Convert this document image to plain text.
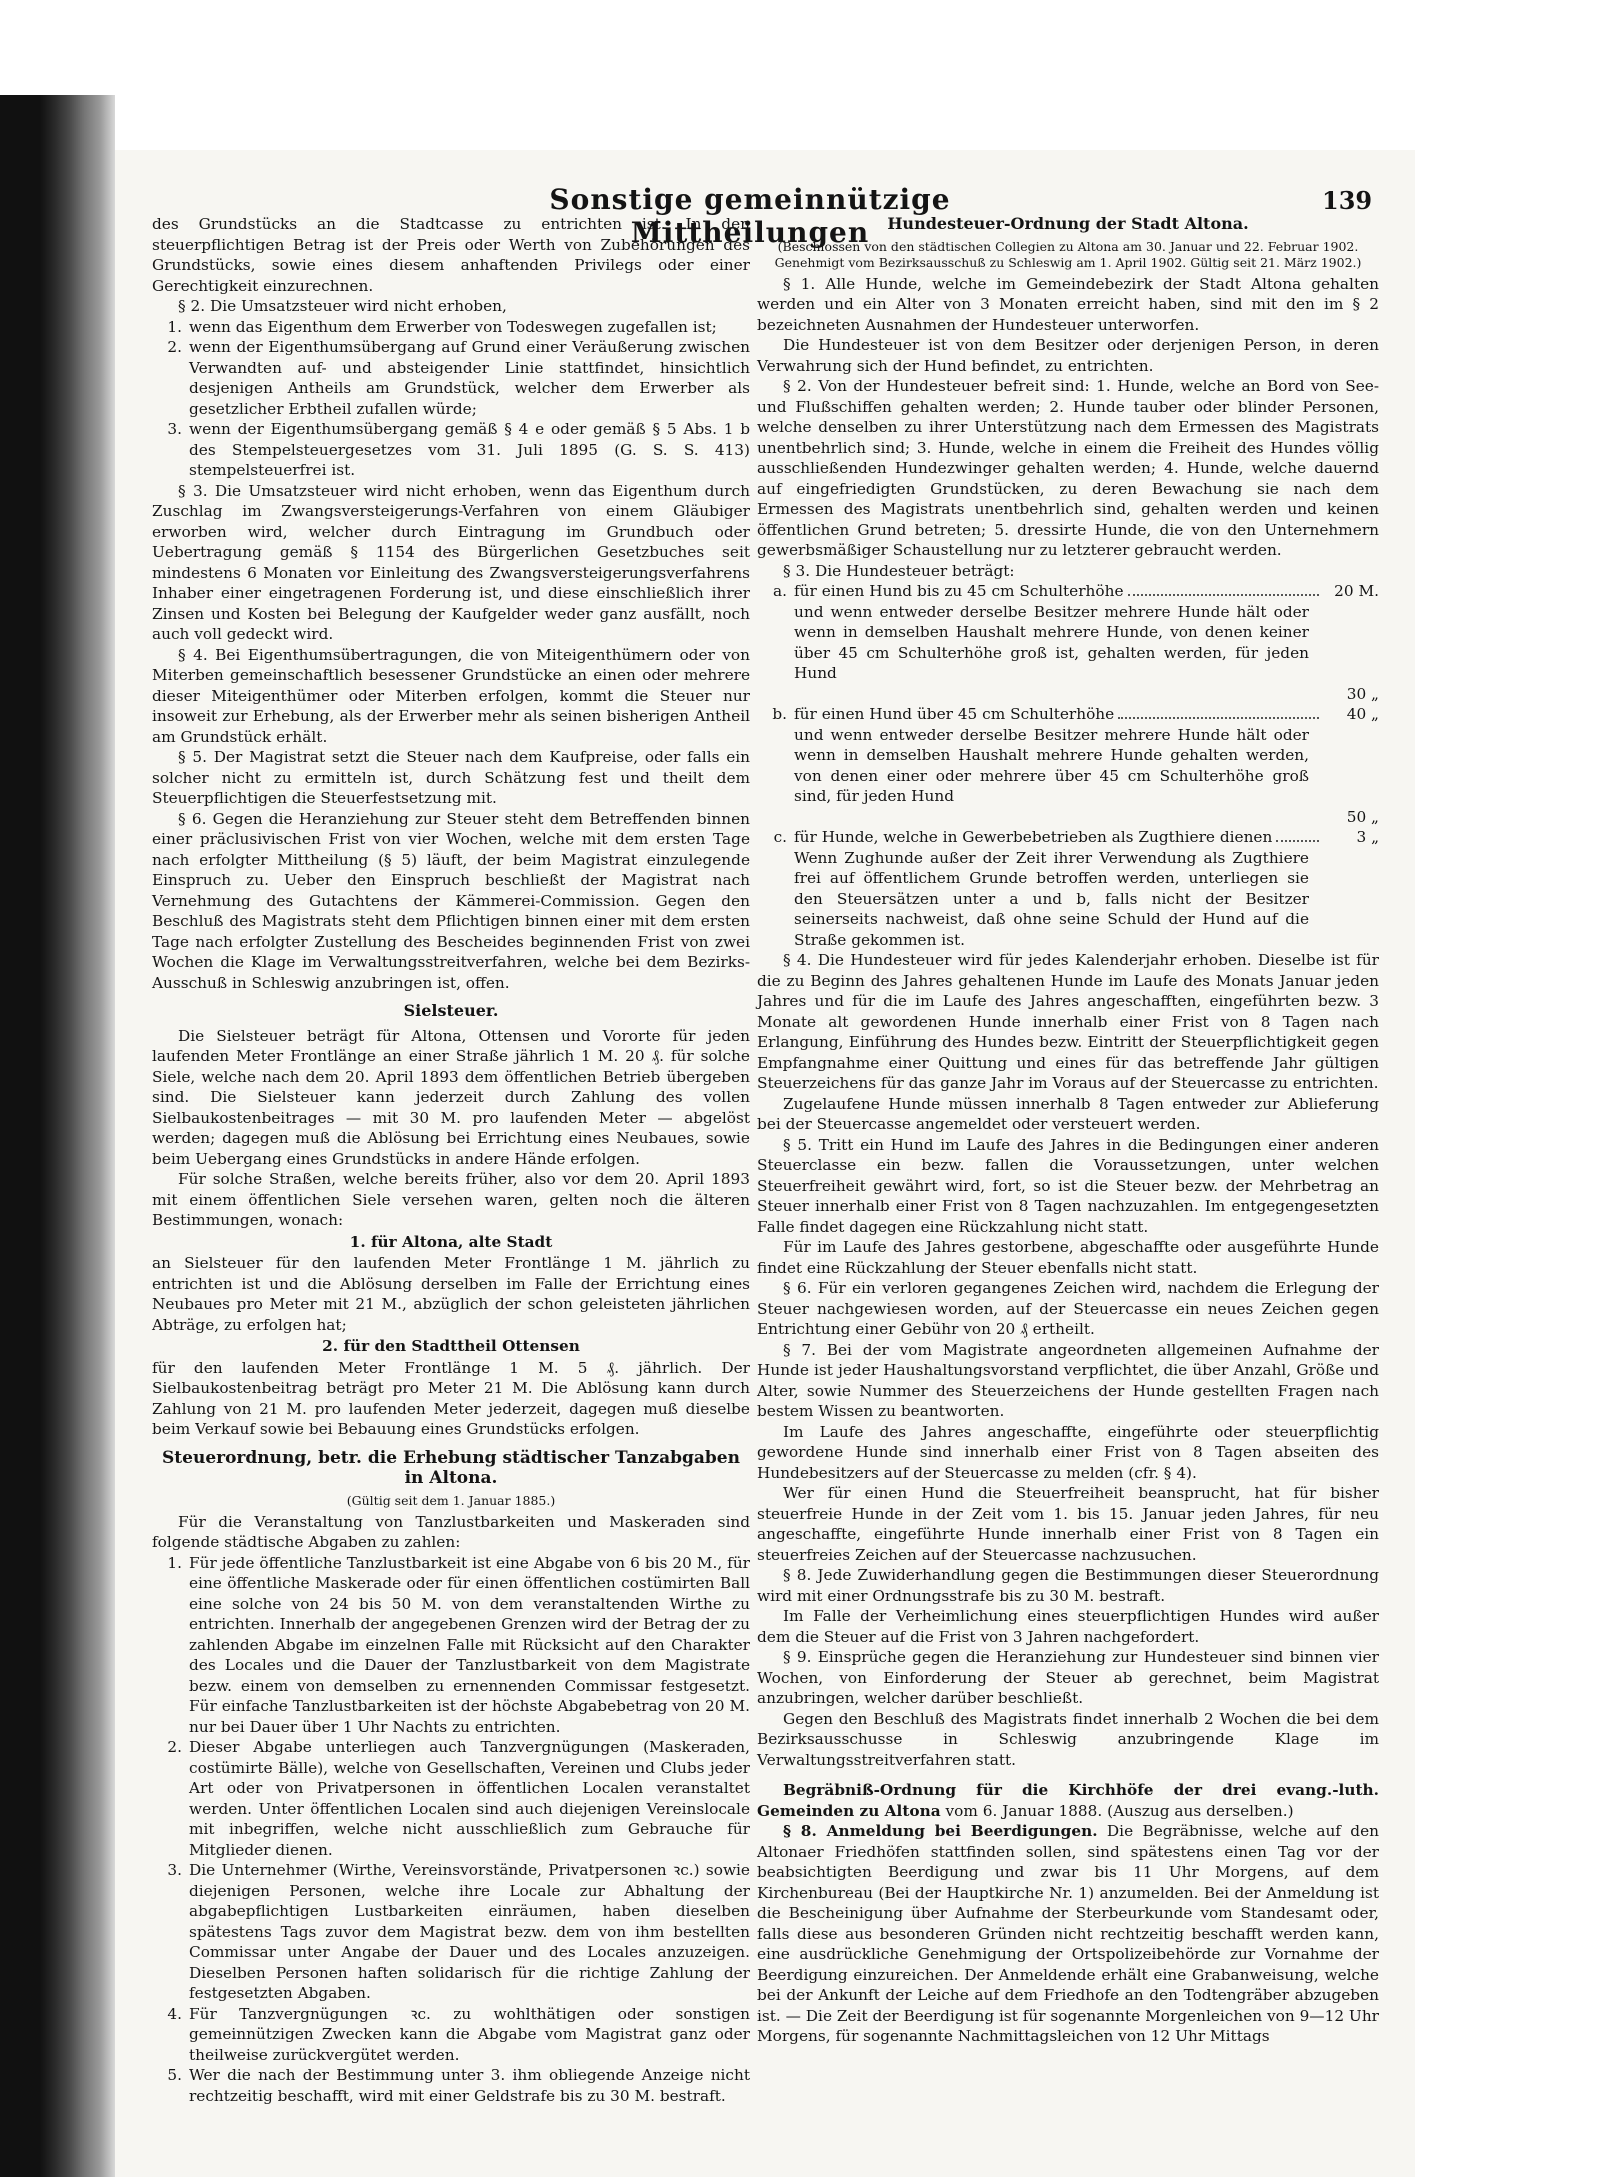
Sonstige gemeinnützige Mittheilungen
139

des Grundstücks an die Stadtcasse zu entrichten ist. In den steuerpflichtigen Betrag ist der Preis oder Werth von Zubehörungen des Grundstücks, sowie eines diesem anhaftenden Privilegs oder einer Gerechtigkeit einzurechnen.

§ 2. Die Umsatzsteuer wird nicht erhoben,

1. wenn das Eigenthum dem Erwerber von Todeswegen zugefallen ist;
2. wenn der Eigenthumsübergang auf Grund einer Veräußerung zwischen Verwandten auf- und absteigender Linie stattfindet, hinsichtlich desjenigen Antheils am Grundstück, welcher dem Erwerber als gesetzlicher Erbtheil zufallen würde;
3. wenn der Eigenthumsübergang gemäß § 4 e oder gemäß § 5 Abs. 1 b des Stempelsteuergesetzes vom 31. Juli 1895 (G. S. S. 413) stempelsteuerfrei ist.

§ 3. Die Umsatzsteuer wird nicht erhoben, wenn das Eigenthum durch Zuschlag im Zwangsversteigerungs-Verfahren von einem Gläubiger erworben wird, welcher durch Eintragung im Grundbuch oder Uebertragung gemäß § 1154 des Bürgerlichen Gesetzbuches seit mindestens 6 Monaten vor Einleitung des Zwangsversteigerungsverfahrens Inhaber einer eingetragenen Forderung ist, und diese einschließlich ihrer Zinsen und Kosten bei Belegung der Kaufgelder weder ganz ausfällt, noch auch voll gedeckt wird.

§ 4. Bei Eigenthumsübertragungen, die von Miteigenthümern oder von Miterben gemeinschaftlich besessener Grundstücke an einen oder mehrere dieser Miteigenthümer oder Miterben erfolgen, kommt die Steuer nur insoweit zur Erhebung, als der Erwerber mehr als seinen bisherigen Antheil am Grundstück erhält.

§ 5. Der Magistrat setzt die Steuer nach dem Kaufpreise, oder falls ein solcher nicht zu ermitteln ist, durch Schätzung fest und theilt dem Steuerpflichtigen die Steuerfestsetzung mit.

§ 6. Gegen die Heranziehung zur Steuer steht dem Betreffenden binnen einer präclusivischen Frist von vier Wochen, welche mit dem ersten Tage nach erfolgter Mittheilung (§ 5) läuft, der beim Magistrat einzulegende Einspruch zu. Ueber den Einspruch beschließt der Magistrat nach Vernehmung des Gutachtens der Kämmerei-Commission. Gegen den Beschluß des Magistrats steht dem Pflichtigen binnen einer mit dem ersten Tage nach erfolgter Zustellung des Bescheides beginnenden Frist von zwei Wochen die Klage im Verwaltungsstreitverfahren, welche bei dem Bezirks-Ausschuß in Schleswig anzubringen ist, offen.

Sielsteuer.

Die Sielsteuer beträgt für Altona, Ottensen und Vororte für jeden laufenden Meter Frontlänge an einer Straße jährlich 1 M. 20 ₰. für solche Siele, welche nach dem 20. April 1893 dem öffentlichen Betrieb übergeben sind. Die Sielsteuer kann jederzeit durch Zahlung des vollen Sielbaukostenbeitrages — mit 30 M. pro laufenden Meter — abgelöst werden; dagegen muß die Ablösung bei Errichtung eines Neubaues, sowie beim Uebergang eines Grundstücks in andere Hände erfolgen.

Für solche Straßen, welche bereits früher, also vor dem 20. April 1893 mit einem öffentlichen Siele versehen waren, gelten noch die älteren Bestimmungen, wonach:

1. für Altona, alte Stadt

an Sielsteuer für den laufenden Meter Frontlänge 1 M. jährlich zu entrichten ist und die Ablösung derselben im Falle der Errichtung eines Neubaues pro Meter mit 21 M., abzüglich der schon geleisteten jährlichen Abträge, zu erfolgen hat;

2. für den Stadttheil Ottensen

für den laufenden Meter Frontlänge 1 M. 5 ₰. jährlich. Der Sielbaukostenbeitrag beträgt pro Meter 21 M. Die Ablösung kann durch Zahlung von 21 M. pro laufenden Meter jederzeit, dagegen muß dieselbe beim Verkauf sowie bei Bebauung eines Grundstücks erfolgen.

Steuerordnung, betr. die Erhebung städtischer Tanzabgaben in Altona.
(Gültig seit dem 1. Januar 1885.)

Für die Veranstaltung von Tanzlustbarkeiten und Maskeraden sind folgende städtische Abgaben zu zahlen:

1. Für jede öffentliche Tanzlustbarkeit ist eine Abgabe von 6 bis 20 M., für eine öffentliche Maskerade oder für einen öffentlichen costümirten Ball eine solche von 24 bis 50 M. von dem veranstaltenden Wirthe zu entrichten. Innerhalb der angegebenen Grenzen wird der Betrag der zu zahlenden Abgabe im einzelnen Falle mit Rücksicht auf den Charakter des Locales und die Dauer der Tanzlustbarkeit von dem Magistrate bezw. einem von demselben zu ernennenden Commissar festgesetzt. Für einfache Tanzlustbarkeiten ist der höchste Abgabebetrag von 20 M. nur bei Dauer über 1 Uhr Nachts zu entrichten.
2. Dieser Abgabe unterliegen auch Tanzvergnügungen (Maskeraden, costümirte Bälle), welche von Gesellschaften, Vereinen und Clubs jeder Art oder von Privatpersonen in öffentlichen Localen veranstaltet werden. Unter öffentlichen Localen sind auch diejenigen Vereinslocale mit inbegriffen, welche nicht ausschließlich zum Gebrauche für Mitglieder dienen.
3. Die Unternehmer (Wirthe, Vereinsvorstände, Privatpersonen ꝛc.) sowie diejenigen Personen, welche ihre Locale zur Abhaltung der abgabepflichtigen Lustbarkeiten einräumen, haben dieselben spätestens Tags zuvor dem Magistrat bezw. dem von ihm bestellten Commissar unter Angabe der Dauer und des Locales anzuzeigen. Dieselben Personen haften solidarisch für die richtige Zahlung der festgesetzten Abgaben.
4. Für Tanzvergnügungen ꝛc. zu wohlthätigen oder sonstigen gemeinnützigen Zwecken kann die Abgabe vom Magistrat ganz oder theilweise zurückvergütet werden.
5. Wer die nach der Bestimmung unter 3. ihm obliegende Anzeige nicht rechtzeitig beschafft, wird mit einer Geldstrafe bis zu 30 M. bestraft.
Hundesteuer-Ordnung der Stadt Altona.
(Beschlossen von den städtischen Collegien zu Altona am 30. Januar und 22. Februar 1902.
Genehmigt vom Bezirksausschuß zu Schleswig am 1. April 1902. Gültig seit 21. März 1902.)

§ 1. Alle Hunde, welche im Gemeindebezirk der Stadt Altona gehalten werden und ein Alter von 3 Monaten erreicht haben, sind mit den im § 2 bezeichneten Ausnahmen der Hundesteuer unterworfen.

Die Hundesteuer ist von dem Besitzer oder derjenigen Person, in deren Verwahrung sich der Hund befindet, zu entrichten.

§ 2. Von der Hundesteuer befreit sind: 1. Hunde, welche an Bord von See- und Flußschiffen gehalten werden; 2. Hunde tauber oder blinder Personen, welche denselben zu ihrer Unterstützung nach dem Ermessen des Magistrats unentbehrlich sind; 3. Hunde, welche in einem die Freiheit des Hundes völlig ausschließenden Hundezwinger gehalten werden; 4. Hunde, welche dauernd auf eingefriedigten Grundstücken, zu deren Bewachung sie nach dem Ermessen des Magistrats unentbehrlich sind, gehalten werden und keinen öffentlichen Grund betreten; 5. dressirte Hunde, die von den Unternehmern gewerbsmäßiger Schaustellung nur zu letzterer gebraucht werden.

§ 3. Die Hundesteuer beträgt:

a. für einen Hund bis zu 45 cm Schulterhöhe	20 M.
und wenn entweder derselbe Besitzer mehrere Hunde hält oder wenn in demselben Haushalt mehrere Hunde, von denen keiner über 45 cm Schulterhöhe groß ist, gehalten werden, für jeden Hund
30 „
b. für einen Hund über 45 cm Schulterhöhe	40 „
und wenn entweder derselbe Besitzer mehrere Hunde hält oder wenn in demselben Haushalt mehrere Hunde gehalten werden, von denen einer oder mehrere über 45 cm Schulterhöhe groß sind, für jeden Hund
50 „
c. für Hunde, welche in Gewerbebetrieben als Zugthiere dienen	3 „
Wenn Zughunde außer der Zeit ihrer Verwendung als Zugthiere frei auf öffentlichem Grunde betroffen werden, unterliegen sie den Steuersätzen unter a und b, falls nicht der Besitzer seinerseits nachweist, daß ohne seine Schuld der Hund auf die Straße gekommen ist.

§ 4. Die Hundesteuer wird für jedes Kalenderjahr erhoben. Dieselbe ist für die zu Beginn des Jahres gehaltenen Hunde im Laufe des Monats Januar jeden Jahres und für die im Laufe des Jahres angeschafften, eingeführten bezw. 3 Monate alt gewordenen Hunde innerhalb einer Frist von 8 Tagen nach Erlangung, Einführung des Hundes bezw. Eintritt der Steuerpflichtigkeit gegen Empfangnahme einer Quittung und eines für das betreffende Jahr gültigen Steuerzeichens für das ganze Jahr im Voraus auf der Steuercasse zu entrichten.

Zugelaufene Hunde müssen innerhalb 8 Tagen entweder zur Ablieferung bei der Steuercasse angemeldet oder versteuert werden.

§ 5. Tritt ein Hund im Laufe des Jahres in die Bedingungen einer anderen Steuerclasse ein bezw. fallen die Voraussetzungen, unter welchen Steuerfreiheit gewährt wird, fort, so ist die Steuer bezw. der Mehrbetrag an Steuer innerhalb einer Frist von 8 Tagen nachzuzahlen. Im entgegengesetzten Falle findet dagegen eine Rückzahlung nicht statt.

Für im Laufe des Jahres gestorbene, abgeschaffte oder ausgeführte Hunde findet eine Rückzahlung der Steuer ebenfalls nicht statt.

§ 6. Für ein verloren gegangenes Zeichen wird, nachdem die Erlegung der Steuer nachgewiesen worden, auf der Steuercasse ein neues Zeichen gegen Entrichtung einer Gebühr von 20 ₰ ertheilt.

§ 7. Bei der vom Magistrate angeordneten allgemeinen Aufnahme der Hunde ist jeder Haushaltungsvorstand verpflichtet, die über Anzahl, Größe und Alter, sowie Nummer des Steuerzeichens der Hunde gestellten Fragen nach bestem Wissen zu beantworten.

Im Laufe des Jahres angeschaffte, eingeführte oder steuerpflichtig gewordene Hunde sind innerhalb einer Frist von 8 Tagen abseiten des Hundebesitzers auf der Steuercasse zu melden (cfr. § 4).

Wer für einen Hund die Steuerfreiheit beansprucht, hat für bisher steuerfreie Hunde in der Zeit vom 1. bis 15. Januar jeden Jahres, für neu angeschaffte, eingeführte Hunde innerhalb einer Frist von 8 Tagen ein steuerfreies Zeichen auf der Steuercasse nachzusuchen.

§ 8. Jede Zuwiderhandlung gegen die Bestimmungen dieser Steuerordnung wird mit einer Ordnungsstrafe bis zu 30 M. bestraft.

Im Falle der Verheimlichung eines steuerpflichtigen Hundes wird außer dem die Steuer auf die Frist von 3 Jahren nachgefordert.

§ 9. Einsprüche gegen die Heranziehung zur Hundesteuer sind binnen vier Wochen, von Einforderung der Steuer ab gerechnet, beim Magistrat anzubringen, welcher darüber beschließt.

Gegen den Beschluß des Magistrats findet innerhalb 2 Wochen die bei dem Bezirksausschusse in Schleswig anzubringende Klage im Verwaltungsstreitverfahren statt.

Begräbniß-Ordnung für die Kirchhöfe der drei evang.-luth. Gemeinden zu Altona vom 6. Januar 1888. (Auszug aus derselben.)

§ 8. Anmeldung bei Beerdigungen. Die Begräbnisse, welche auf den Altonaer Friedhöfen stattfinden sollen, sind spätestens einen Tag vor der beabsichtigten Beerdigung und zwar bis 11 Uhr Morgens, auf dem Kirchenbureau (Bei der Hauptkirche Nr. 1) anzumelden. Bei der Anmeldung ist die Bescheinigung über Aufnahme der Sterbeurkunde vom Standesamt oder, falls diese aus besonderen Gründen nicht rechtzeitig beschafft werden kann, eine ausdrückliche Genehmigung der Ortspolizeibehörde zur Vornahme der Beerdigung einzureichen. Der Anmeldende erhält eine Grabanweisung, welche bei der Ankunft der Leiche auf dem Friedhofe an den Todtengräber abzugeben ist. — Die Zeit der Beerdigung ist für sogenannte Morgenleichen von 9—12 Uhr Morgens, für sogenannte Nachmittagsleichen von 12 Uhr Mittags
